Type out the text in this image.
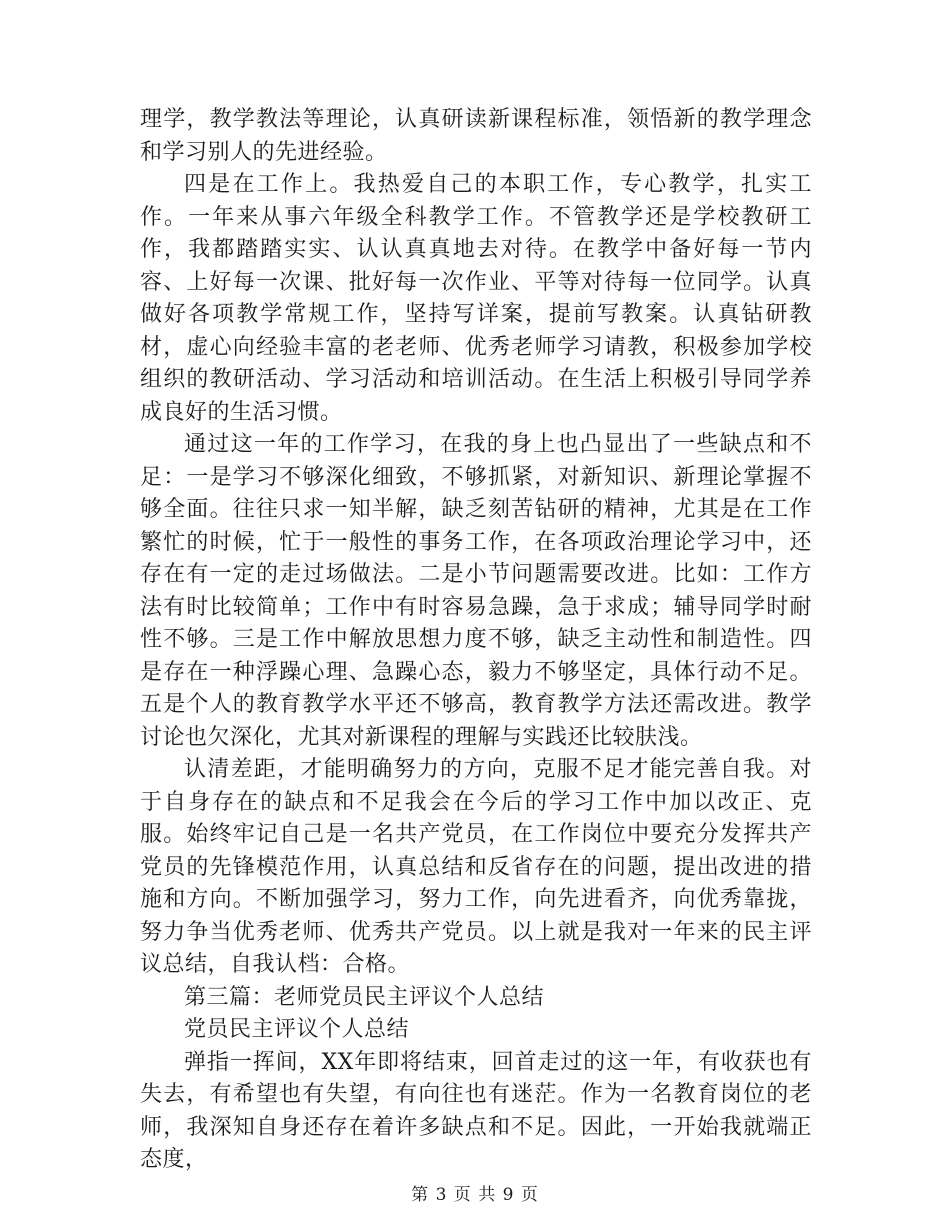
理学，教学教法等理论，认真研读新课程标准，领悟新的教学理念和学习别人的先进经验。

四是在工作上。我热爱自己的本职工作，专心教学，扎实工作。一年来从事六年级全科教学工作。不管教学还是学校教研工作，我都踏踏实实、认认真真地去对待。在教学中备好每一节内容、上好每一次课、批好每一次作业、平等对待每一位同学。认真做好各项教学常规工作，坚持写详案，提前写教案。认真钻研教材，虚心向经验丰富的老老师、优秀老师学习请教，积极参加学校组织的教研活动、学习活动和培训活动。在生活上积极引导同学养成良好的生活习惯。

通过这一年的工作学习，在我的身上也凸显出了一些缺点和不足：一是学习不够深化细致，不够抓紧，对新知识、新理论掌握不够全面。往往只求一知半解，缺乏刻苦钻研的精神，尤其是在工作繁忙的时候，忙于一般性的事务工作，在各项政治理论学习中，还存在有一定的走过场做法。二是小节问题需要改进。比如：工作方法有时比较简单；工作中有时容易急躁，急于求成；辅导同学时耐性不够。三是工作中解放思想力度不够，缺乏主动性和制造性。四是存在一种浮躁心理、急躁心态，毅力不够坚定，具体行动不足。五是个人的教育教学水平还不够高，教育教学方法还需改进。教学讨论也欠深化，尤其对新课程的理解与实践还比较肤浅。

认清差距，才能明确努力的方向，克服不足才能完善自我。对于自身存在的缺点和不足我会在今后的学习工作中加以改正、克服。始终牢记自己是一名共产党员，在工作岗位中要充分发挥共产党员的先锋模范作用，认真总结和反省存在的问题，提出改进的措施和方向。不断加强学习，努力工作，向先进看齐，向优秀靠拢，努力争当优秀老师、优秀共产党员。以上就是我对一年来的民主评议总结，自我认档：合格。

第三篇：老师党员民主评议个人总结

党员民主评议个人总结

弹指一挥间，XX年即将结束，回首走过的这一年，有收获也有失去，有希望也有失望，有向往也有迷茫。作为一名教育岗位的老师，我深知自身还存在着许多缺点和不足。因此，一开始我就端正态度，

第 3 页 共 9 页
